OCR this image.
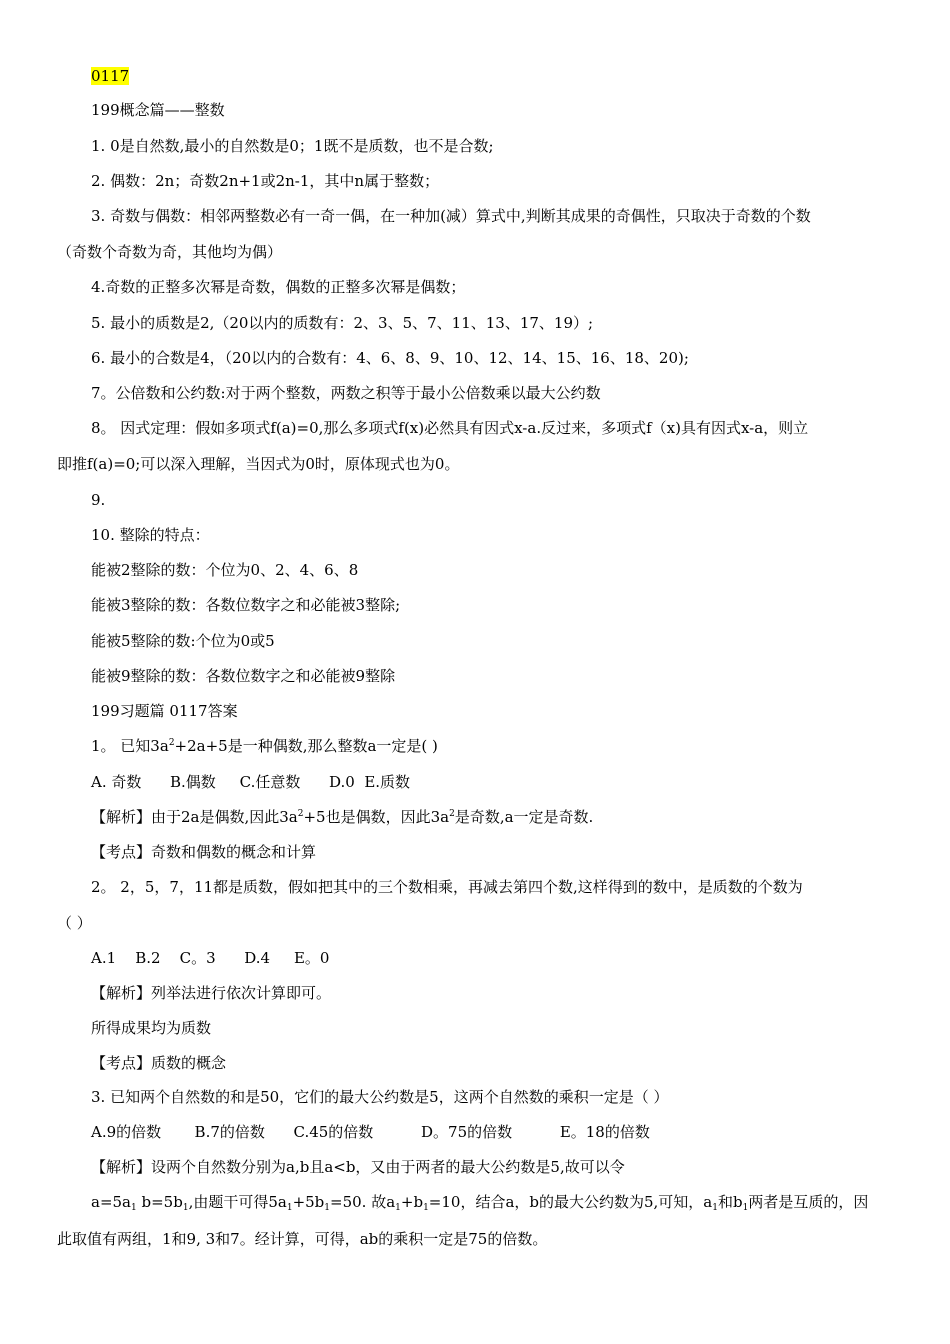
0117
199概念篇——整数
1. 0是自然数,最小的自然数是0；1既不是质数，也不是合数;
2. 偶数：2n；奇数2n+1或2n-1，其中n属于整数；
3. 奇数与偶数：相邻两整数必有一奇一偶，在一种加(减）算式中,判断其成果的奇偶性，只取决于奇数的个数
（奇数个奇数为奇，其他均为偶）
4.奇数的正整多次幂是奇数，偶数的正整多次幂是偶数；
5. 最小的质数是2,（20以内的质数有：2、3、5、7、11、13、17、19）;
6. 最小的合数是4，（20以内的合数有：4、6、8、9、10、12、14、15、16、18、20);
7。公倍数和公约数:对于两个整数，两数之积等于最小公倍数乘以最大公约数
8。 因式定理：假如多项式f(a)=0,那么多项式f(x)必然具有因式x-a.反过来，多项式f（x)具有因式x-a，则立
即推f(a)=0;可以深入理解，当因式为0时，原体现式也为0。
9.
10. 整除的特点：
能被2整除的数：个位为0、2、4、6、8
能被3整除的数：各数位数字之和必能被3整除;
能被5整除的数:个位为0或5
能被9整除的数：各数位数字之和必能被9整除
199习题篇 0117答案
1。 已知$3a^2+2a+5$是一种偶数,那么整数a一定是( )
A. 奇数 B.偶数 C.任意数 D.0 E.质数
【解析】由于2a是偶数,因此$3a^2+5$也是偶数，因此$3a^2$是奇数,a一定是奇数.
【考点】奇数和偶数的概念和计算
2。 2，5，7，11都是质数，假如把其中的三个数相乘，再减去第四个数,这样得到的数中，是质数的个数为
（ ）
A.1 B.2 C。3 D.4 E。0
【解析】列举法进行依次计算即可。
所得成果均为质数
【考点】质数的概念
3. 已知两个自然数的和是50，它们的最大公约数是5，这两个自然数的乘积一定是（ ）
A.9的倍数 B.7的倍数 C.45的倍数	D。75的倍数	E。18的倍数
【解析】设两个自然数分别为a,b且a<b，又由于两者的最大公约数是5,故可以令
$a=5a_1$ $b=5b_1$,由题干可得$5a_1+5b_1=50$. 故$a_1+b_1=10$，结合a，b的最大公约数为5,可知，$a_1$和$b_1$两者是互质的，因
此取值有两组，1和9, 3和7。经计算，可得，ab的乘积一定是75的倍数。
